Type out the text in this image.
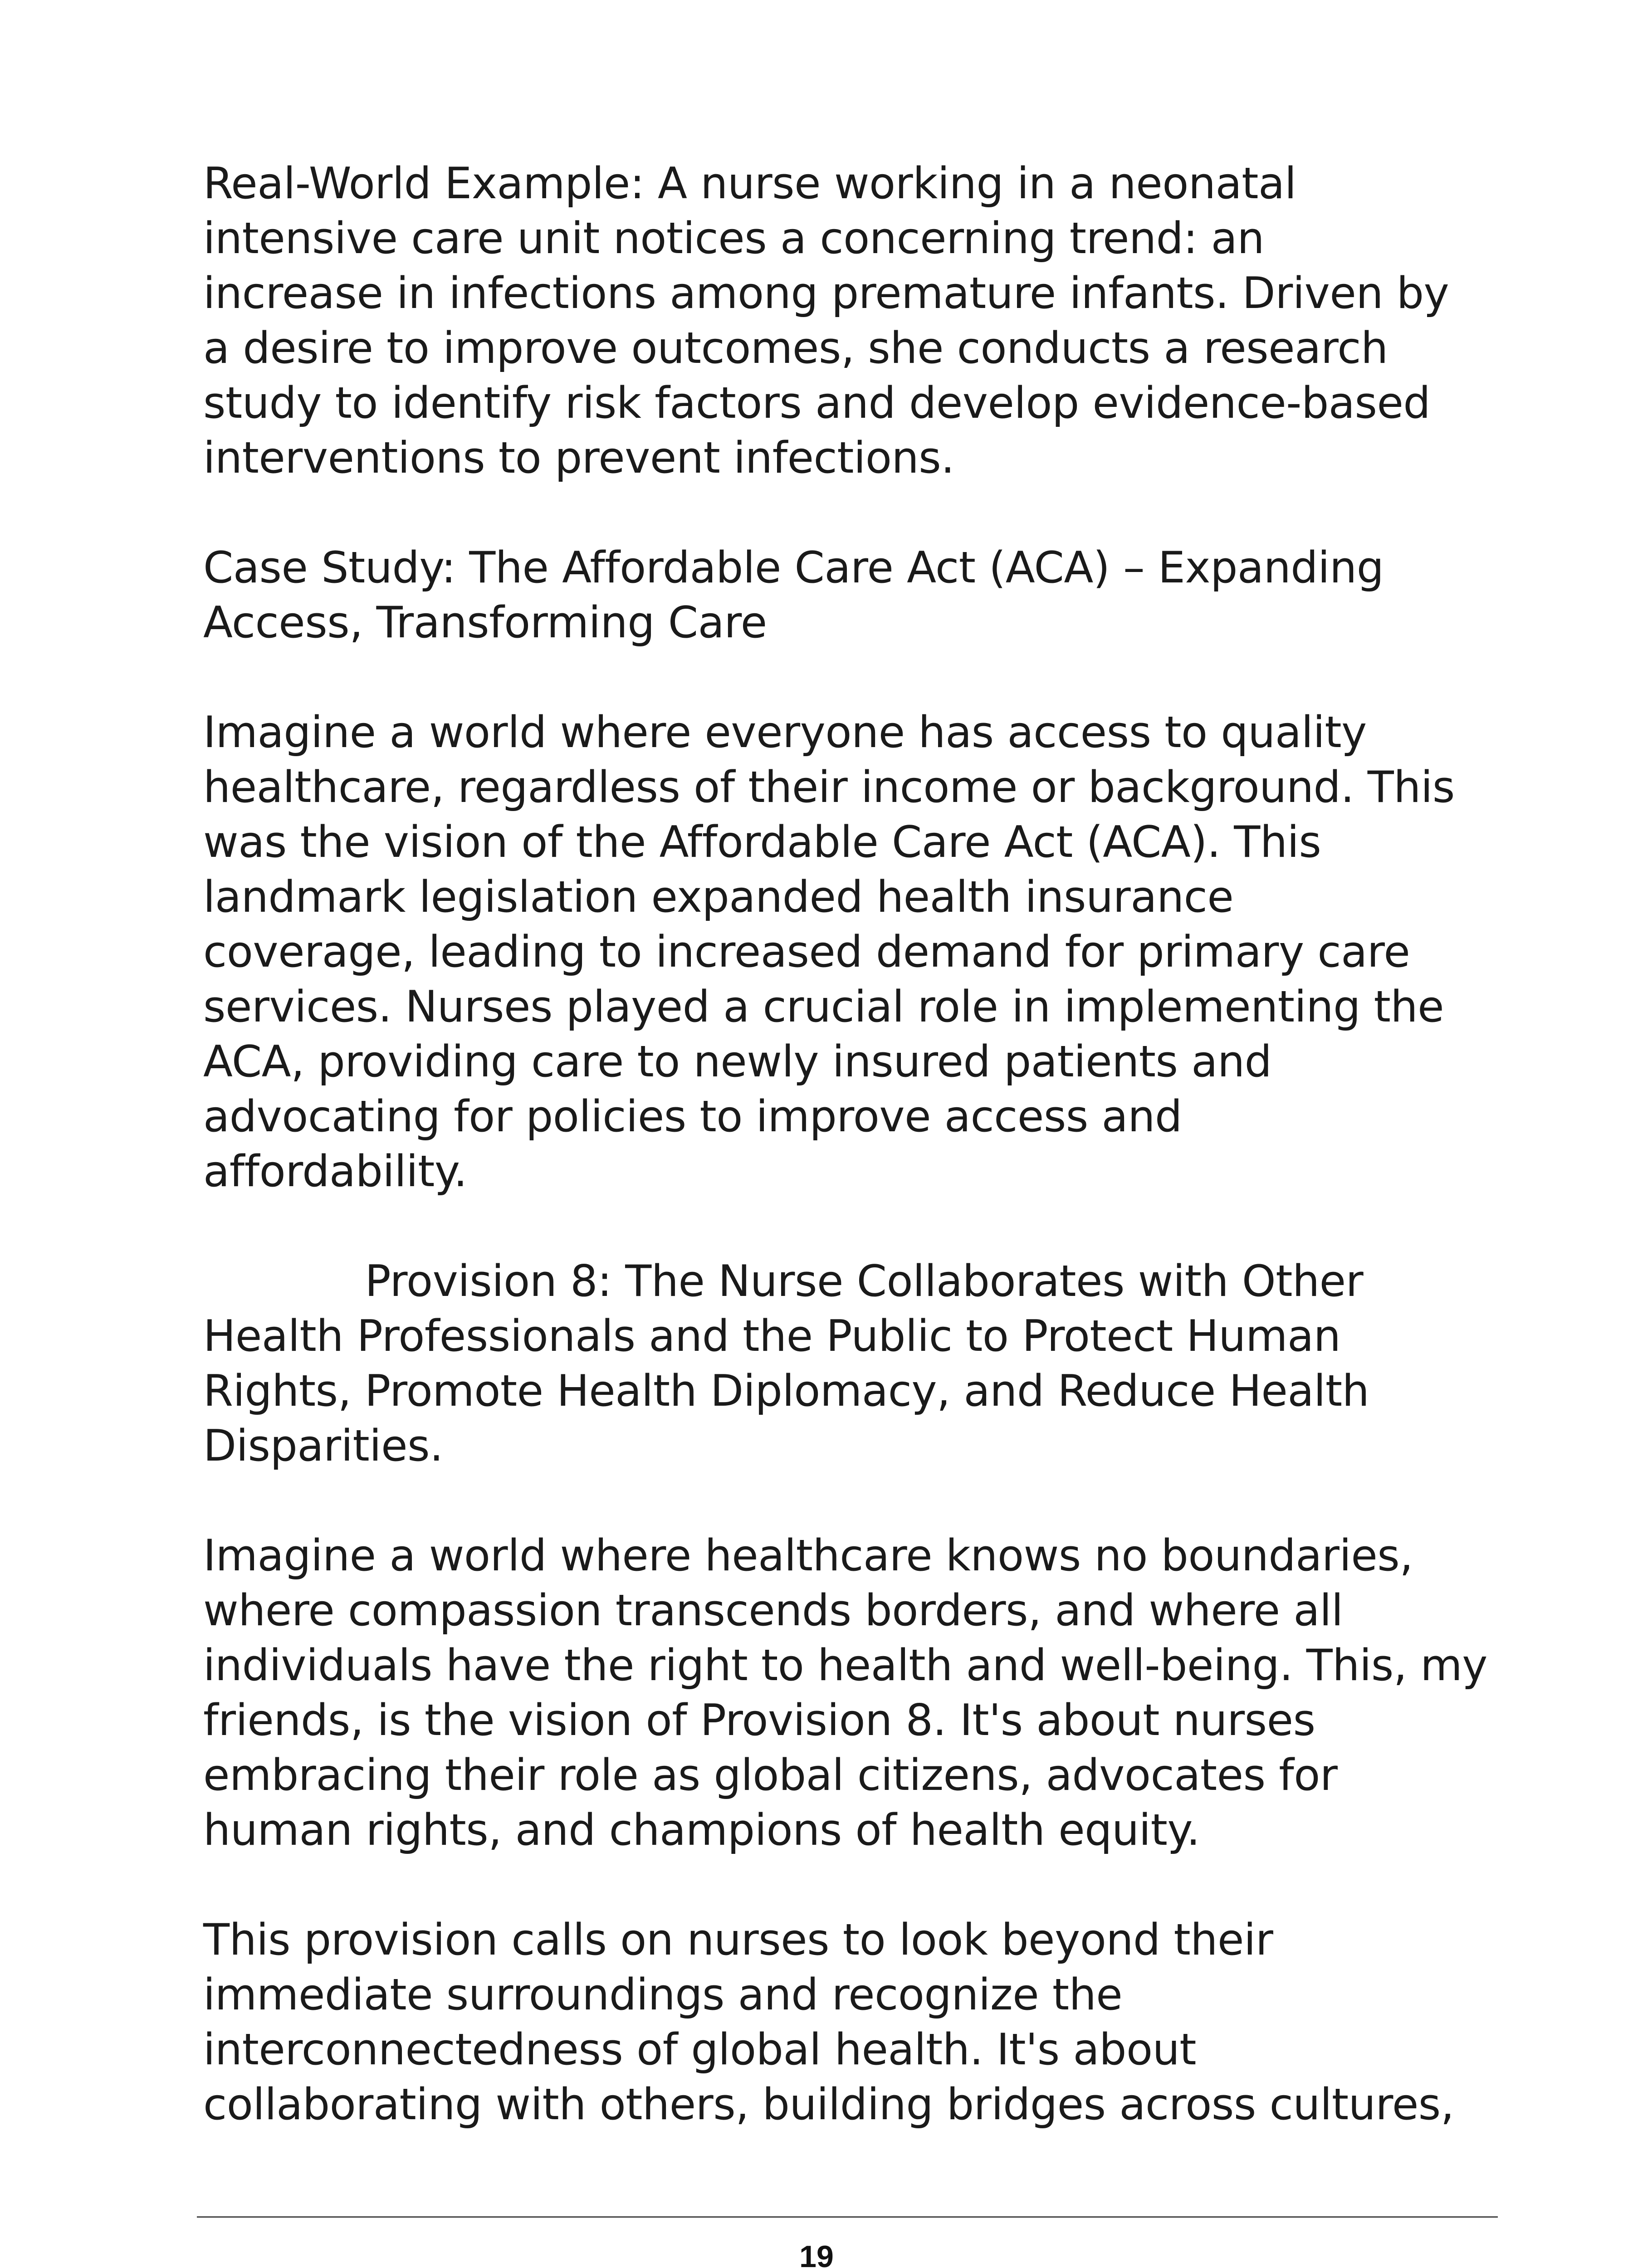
Real-World Example: A nurse working in a neonatal
intensive care unit notices a concerning trend: an
increase in infections among premature infants. Driven by
a desire to improve outcomes, she conducts a research
study to identify risk factors and develop evidence-based
interventions to prevent infections.

Case Study: The Affordable Care Act (ACA) – Expanding
Access, Transforming Care

Imagine a world where everyone has access to quality
healthcare, regardless of their income or background. This
was the vision of the Affordable Care Act (ACA). This
landmark legislation expanded health insurance
coverage, leading to increased demand for primary care
services. Nurses played a crucial role in implementing the
ACA, providing care to newly insured patients and
advocating for policies to improve access and
affordability.

Provision 8: The Nurse Collaborates with Other
Health Professionals and the Public to Protect Human
Rights, Promote Health Diplomacy, and Reduce Health
Disparities.

Imagine a world where healthcare knows no boundaries,
where compassion transcends borders, and where all
individuals have the right to health and well-being. This, my
friends, is the vision of Provision 8. It's about nurses
embracing their role as global citizens, advocates for
human rights, and champions of health equity.

This provision calls on nurses to look beyond their
immediate surroundings and recognize the
interconnectedness of global health. It's about
collaborating with others, building bridges across cultures,

19
